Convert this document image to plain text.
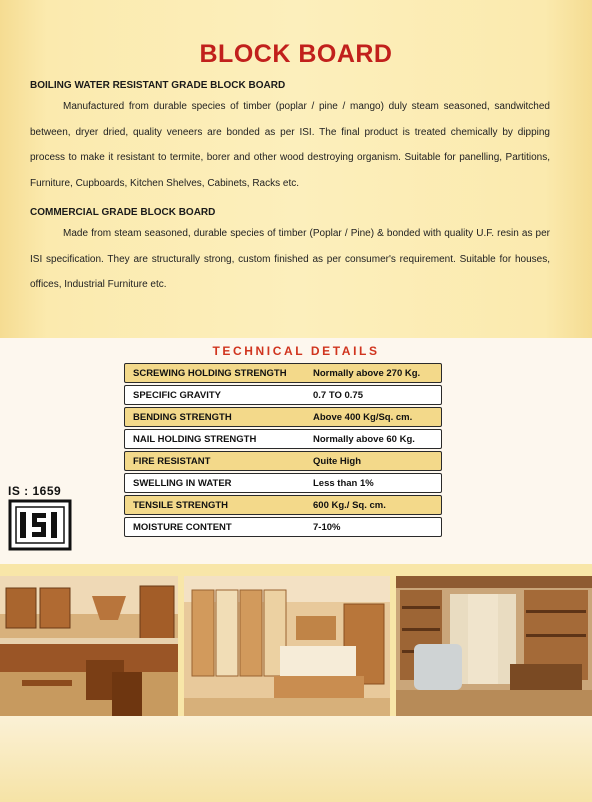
BLOCK BOARD
BOILING WATER RESISTANT GRADE BLOCK BOARD
Manufactured from durable species of timber (poplar / pine / mango) duly steam seasoned, sandwitched between, dryer dried, quality veneers are bonded as per ISI. The final product is treated chemically by dipping process to make it resistant to termite, borer and other wood destroying organism. Suitable for panelling, Partitions, Furniture, Cupboards, Kitchen Shelves, Cabinets, Racks etc.
COMMERCIAL GRADE BLOCK BOARD
Made from steam seasoned, durable species of timber (Poplar / Pine) & bonded with quality U.F. resin as per ISI specification. They are structurally strong, custom finished as per consumer's requirement. Suitable for houses, offices, Industrial Furniture etc.
TECHNICAL DETAILS
SCREWING HOLDING STRENGTH	Normally above 270 Kg.
SPECIFIC GRAVITY	0.7 TO 0.75
BENDING STRENGTH	Above 400 Kg/Sq. cm.
NAIL HOLDING STRENGTH	Normally above 60 Kg.
FIRE RESISTANT	Quite High
SWELLING IN WATER	Less than 1%
TENSILE STRENGTH	600 Kg./ Sq. cm.
MOISTURE CONTENT	7-10%
IS : 1659
